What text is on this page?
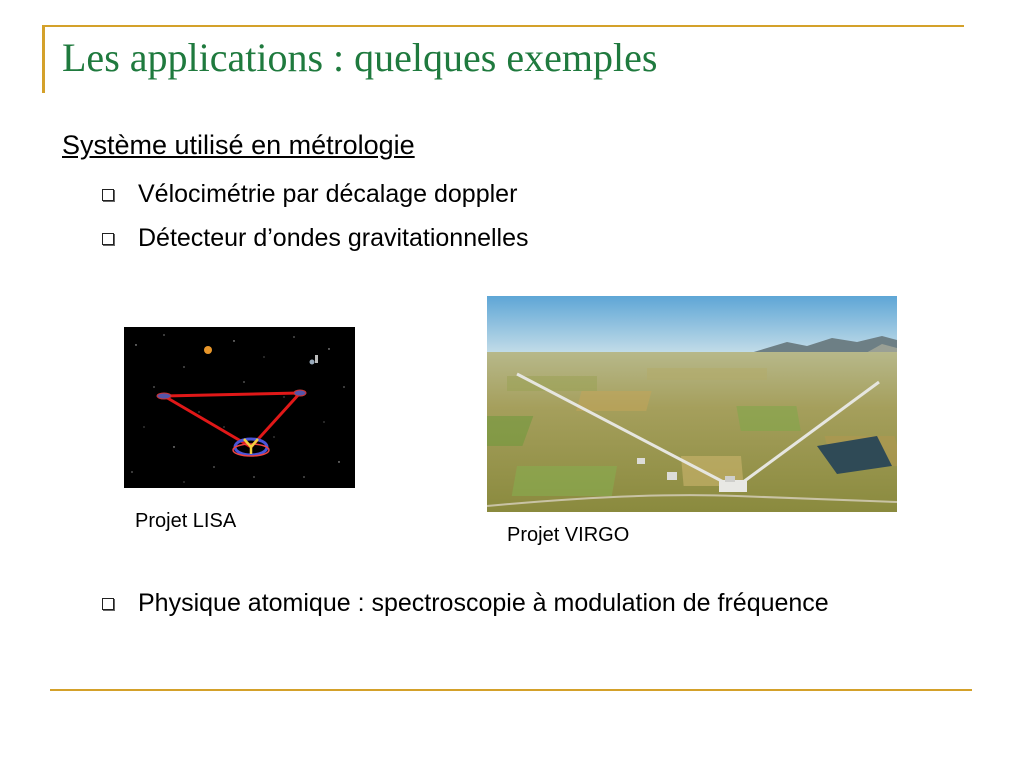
Les applications : quelques exemples
Système utilisé en métrologie
Vélocimétrie par décalage doppler
Détecteur d’ondes gravitationnelles
Projet LISA
Projet VIRGO
Physique atomique : spectroscopie à modulation de fréquence
